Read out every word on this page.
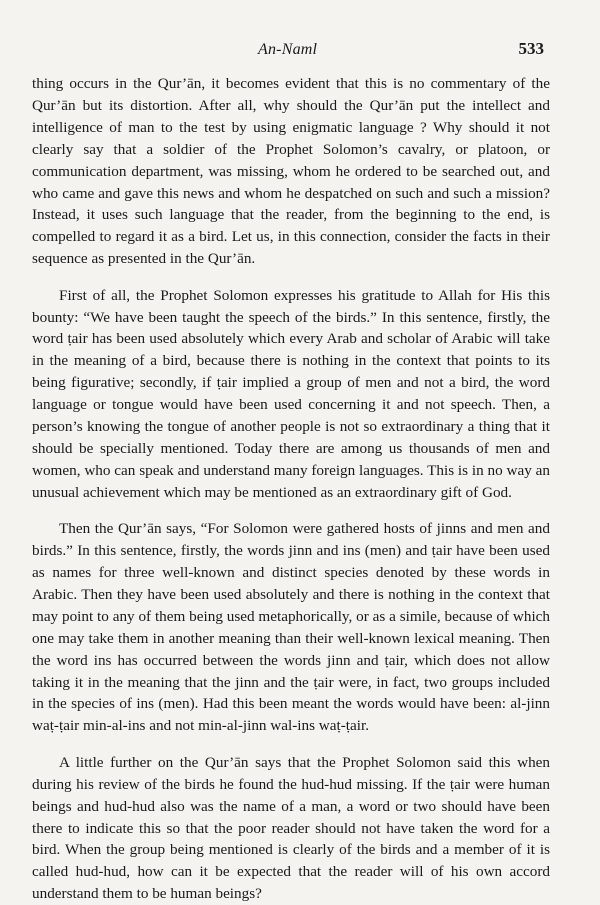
An-Naml	533

thing occurs in the Qur’ān, it becomes evident that this is no commentary of the Qur’ān but its distortion. After all, why should the Qur’ān put the intellect and intelligence of man to the test by using enigmatic language ? Why should it not clearly say that a soldier of the Prophet Solomon’s cavalry, or platoon, or communication department, was missing, whom he ordered to be searched out, and who came and gave this news and whom he despatched on such and such a mission? Instead, it uses such language that the reader, from the beginning to the end, is compelled to regard it as a bird. Let us, in this connection, consider the facts in their sequence as presented in the Qur’ān.

First of all, the Prophet Solomon expresses his gratitude to Allah for His this bounty: “We have been taught the speech of the birds.” In this sentence, firstly, the word ṭair has been used absolutely which every Arab and scholar of Arabic will take in the meaning of a bird, because there is nothing in the context that points to its being figurative; secondly, if ṭair implied a group of men and not a bird, the word language or tongue would have been used concerning it and not speech. Then, a person’s knowing the tongue of another people is not so extraordinary a thing that it should be specially mentioned. Today there are among us thousands of men and women, who can speak and understand many foreign languages. This is in no way an unusual achievement which may be mentioned as an extraordinary gift of God.

Then the Qur’ān says, “For Solomon were gathered hosts of jinns and men and birds.” In this sentence, firstly, the words jinn and ins (men) and ṭair have been used as names for three well-known and distinct species denoted by these words in Arabic. Then they have been used absolutely and there is nothing in the context that may point to any of them being used metaphorically, or as a simile, because of which one may take them in another meaning than their well-known lexical meaning. Then the word ins has occurred between the words jinn and ṭair, which does not allow taking it in the meaning that the jinn and the ṭair were, in fact, two groups included in the species of ins (men). Had this been meant the words would have been: al-jinn waṭ-ṭair min-al-ins and not min-al-jinn wal-ins waṭ-ṭair.

A little further on the Qur’ān says that the Prophet Solomon said this when during his review of the birds he found the hud-hud missing. If the ṭair were human beings and hud-hud also was the name of a man, a word or two should have been there to indicate this so that the poor reader should not have taken the word for a bird. When the group being mentioned is clearly of the birds and a member of it is called hud-hud, how can it be expected that the reader will of his own accord understand them to be human beings?
